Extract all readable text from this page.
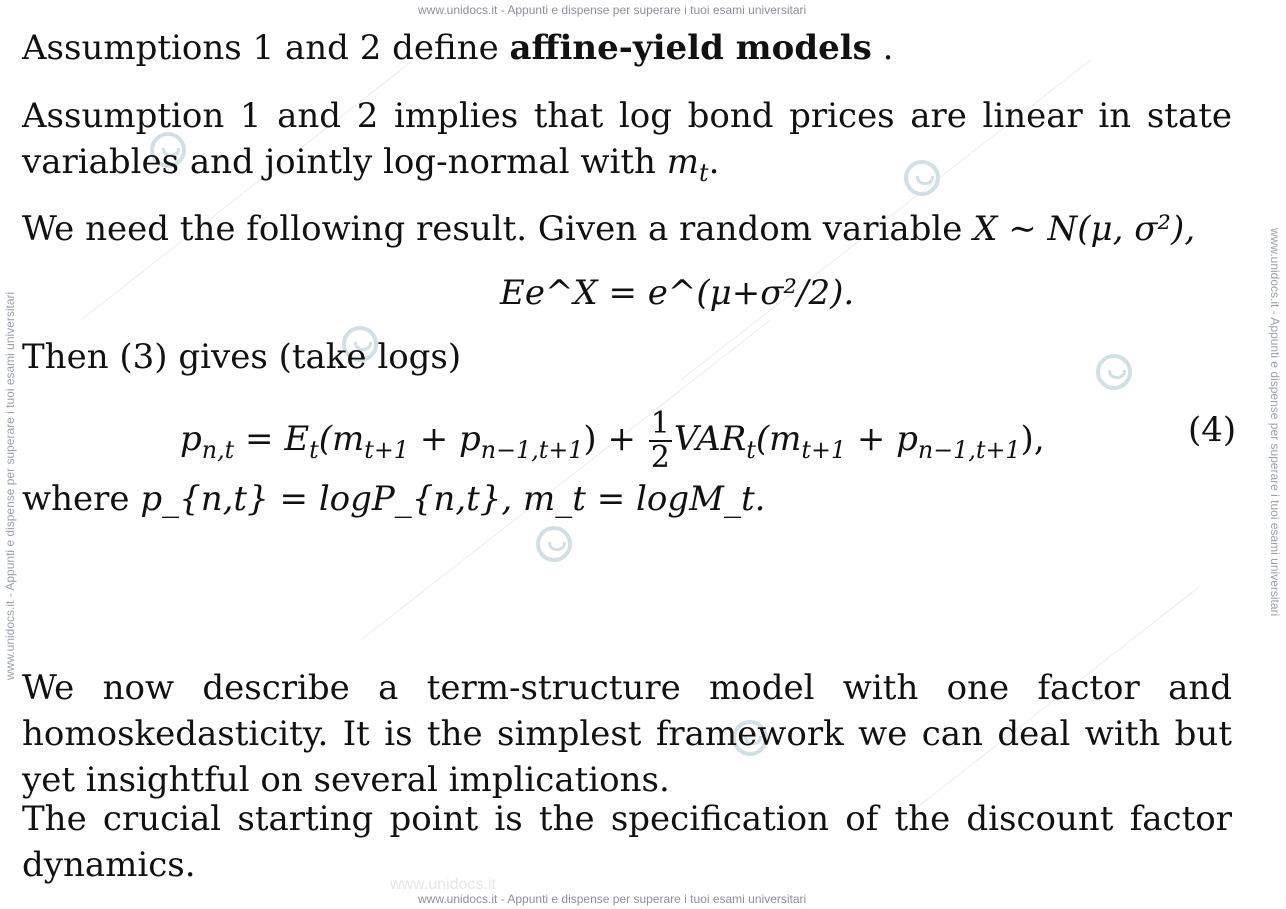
www.unidocs.it - Appunti e dispense per superare i tuoi esami universitari
www.unidocs.it
www.unidocs.it - Appunti e dispense per superare i tuoi esami universitari
www.unidocs.it - Appunti e dispense per superare i tuoi esami universitari	www.unidocs.it - Appunti e dispense per superare i tuoi esami universitari

Assumptions 1 and 2 define affine-yield models .

Assumption 1 and 2 implies that log bond prices are linear in state variables and jointly log-normal with $m_t$.

We need the following result. Given a random variable X ∼ N(μ, σ²),

Ee^X = e^(μ+σ²/2).

Then (3) gives (take logs)

$p_{n,t} = E_t(m_{t+1} + p_{n-1,t+1}) + \frac{1}{2} VAR_t(m_{t+1} + p_{n-1,t+1})$,	(4)

where p_{n,t} = logP_{n,t}, m_t = logM_t.

We now describe a term-structure model with one factor and homoskedasticity. It is the simplest framework we can deal with but yet insightful on several implications.

The crucial starting point is the specification of the discount factor dynamics.
